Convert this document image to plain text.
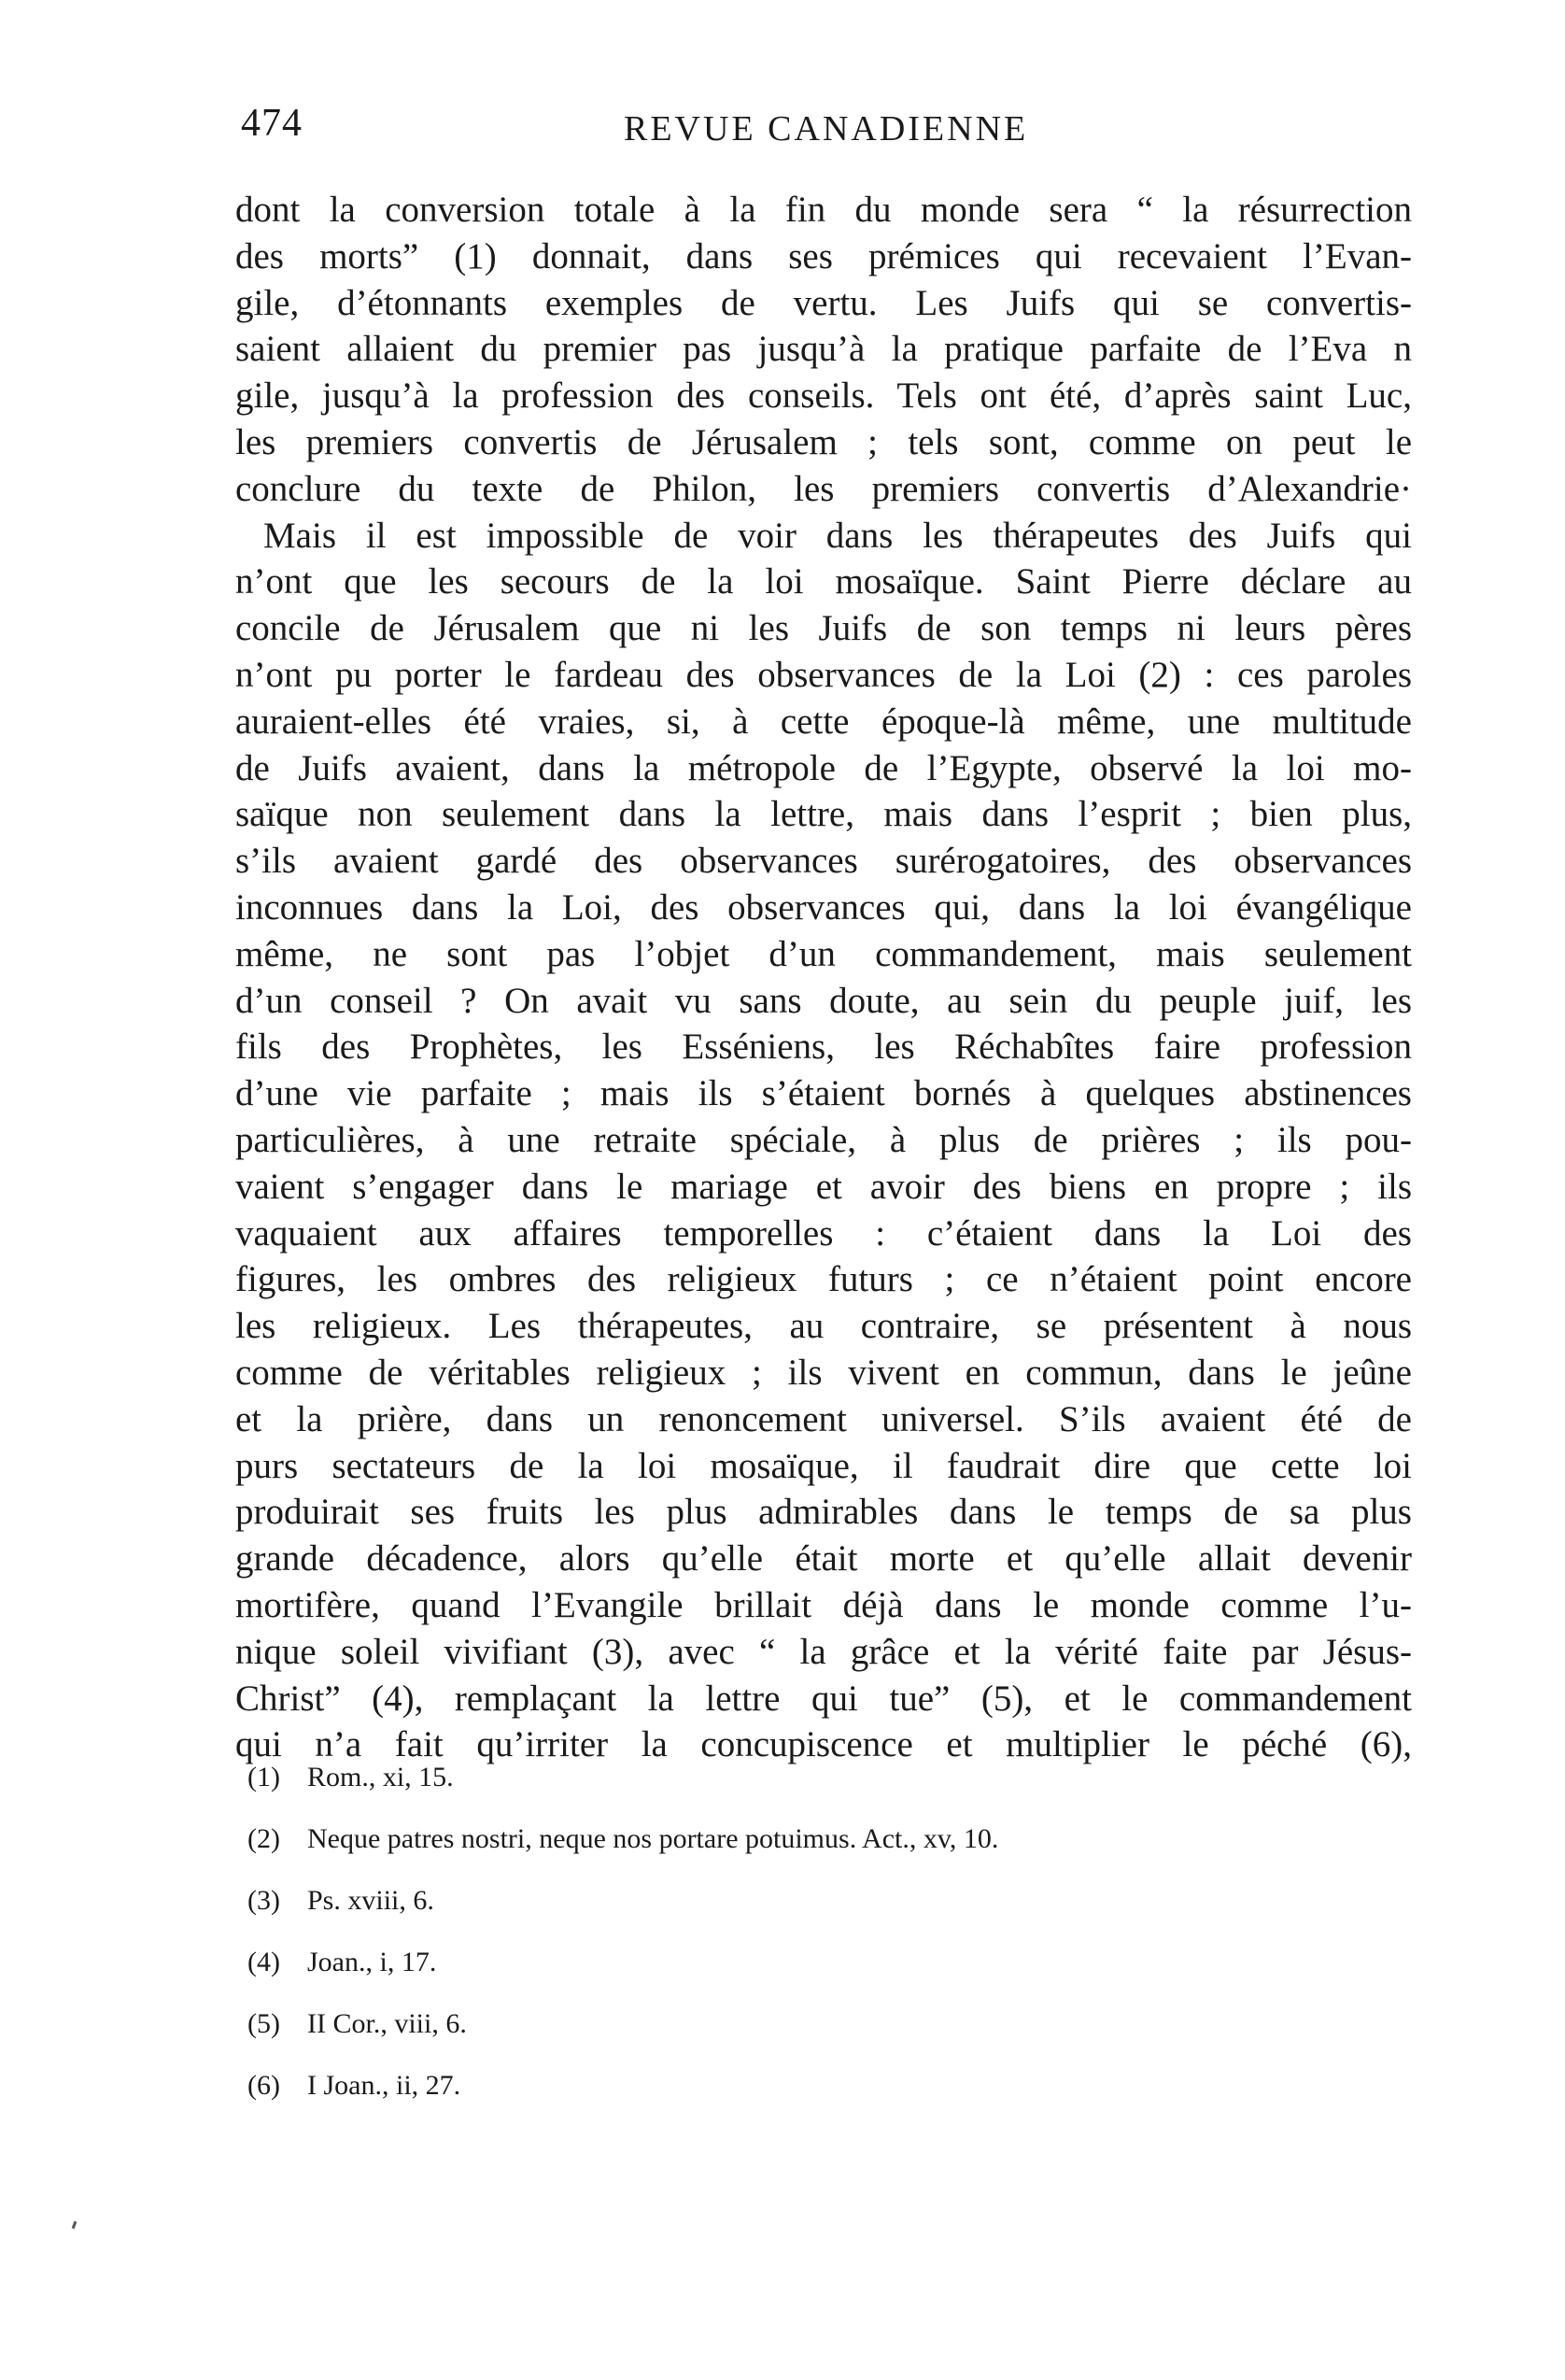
474	REVUE CANADIENNE
dont la conversion totale à la fin du monde sera “ la résurrection
des morts” (1) donnait, dans ses prémices qui recevaient l’Evan-
gile, d’étonnants exemples de vertu. Les Juifs qui se convertis-
saient allaient du premier pas jusqu’à la pratique parfaite de l’Eva n
gile, jusqu’à la profession des conseils. Tels ont été, d’après saint Luc,
les premiers convertis de Jérusalem ; tels sont, comme on peut le
conclure du texte de Philon, les premiers convertis d’Alexandrie·
Mais il est impossible de voir dans les thérapeutes des Juifs qui
n’ont que les secours de la loi mosaïque. Saint Pierre déclare au
concile de Jérusalem que ni les Juifs de son temps ni leurs pères
n’ont pu porter le fardeau des observances de la Loi (2) : ces paroles
auraient-elles été vraies, si, à cette époque-là même, une multitude
de Juifs avaient, dans la métropole de l’Egypte, observé la loi mo-
saïque non seulement dans la lettre, mais dans l’esprit ; bien plus,
s’ils avaient gardé des observances surérogatoires, des observances
inconnues dans la Loi, des observances qui, dans la loi évangélique
même, ne sont pas l’objet d’un commandement, mais seulement
d’un conseil ? On avait vu sans doute, au sein du peuple juif, les
fils des Prophètes, les Esséniens, les Réchabîtes faire profession
d’une vie parfaite ; mais ils s’étaient bornés à quelques abstinences
particulières, à une retraite spéciale, à plus de prières ; ils pou-
vaient s’engager dans le mariage et avoir des biens en propre ; ils
vaquaient aux affaires temporelles : c’étaient dans la Loi des
figures, les ombres des religieux futurs ; ce n’étaient point encore
les religieux. Les thérapeutes, au contraire, se présentent à nous
comme de véritables religieux ; ils vivent en commun, dans le jeûne
et la prière, dans un renoncement universel. S’ils avaient été de
purs sectateurs de la loi mosaïque, il faudrait dire que cette loi
produirait ses fruits les plus admirables dans le temps de sa plus
grande décadence, alors qu’elle était morte et qu’elle allait devenir
mortifère, quand l’Evangile brillait déjà dans le monde comme l’u-
nique soleil vivifiant (3), avec “ la grâce et la vérité faite par Jésus-
Christ” (4), remplaçant la lettre qui tue” (5), et le commandement
qui n’a fait qu’irriter la concupiscence et multiplier le péché (6),
(1) Rom., xi, 15.
(2) Neque patres nostri, neque nos portare potuimus. Act., xv, 10.
(3) Ps. xviii, 6.
(4) Joan., i, 17.
(5) II Cor., viii, 6.
(6) I Joan., ii, 27.
